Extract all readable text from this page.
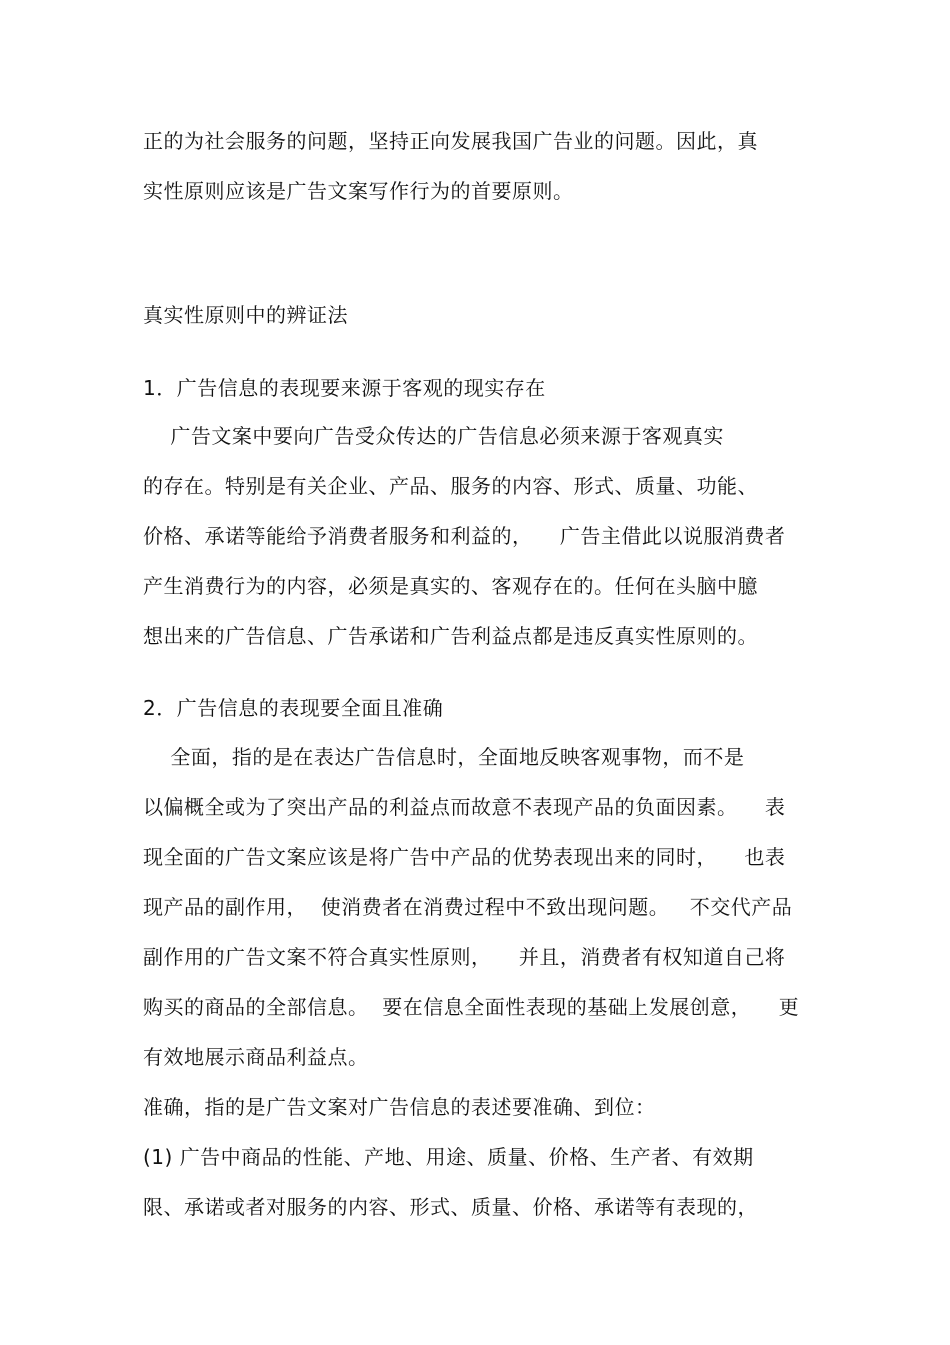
正的为社会服务的问题，坚持正向发展我国广告业的问题。因此，真
实性原则应该是广告文案写作行为的首要原则。
真实性原则中的辨证法
1．广告信息的表现要来源于客观的现实存在
广告文案中要向广告受众传达的广告信息必须来源于客观真实
的存在。特别是有关企业、产品、服务的内容、形式、质量、功能、
价格、承诺等能给予消费者服务和利益的，    广告主借此以说服消费者
产生消费行为的内容，必须是真实的、客观存在的。任何在头脑中臆
想出来的广告信息、广告承诺和广告利益点都是违反真实性原则的。
2．广告信息的表现要全面且准确
全面，指的是在表达广告信息时，全面地反映客观事物，而不是
以偏概全或为了突出产品的利益点而故意不表现产品的负面因素。    表
现全面的广告文案应该是将广告中产品的优势表现出来的同时，    也表
现产品的副作用，  使消费者在消费过程中不致出现问题。   不交代产品
副作用的广告文案不符合真实性原则，    并且，消费者有权知道自己将
购买的商品的全部信息。  要在信息全面性表现的基础上发展创意，    更
有效地展示商品利益点。
准确，指的是广告文案对广告信息的表述要准确、到位：
(1) 广告中商品的性能、产地、用途、质量、价格、生产者、有效期
限、承诺或者对服务的内容、形式、质量、价格、承诺等有表现的，
